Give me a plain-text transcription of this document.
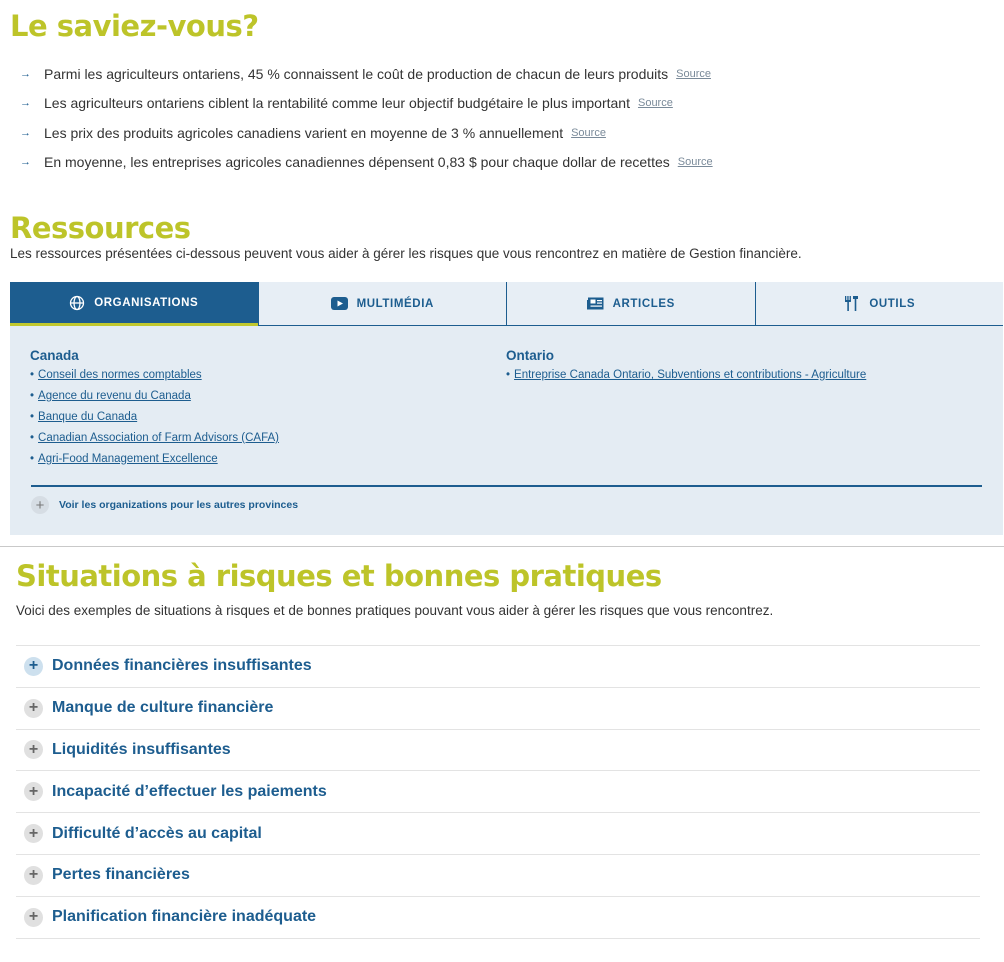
Le saviez-vous?
→ Parmi les agriculteurs ontariens, 45 % connaissent le coût de production de chacun de leurs produits Source
→ Les agriculteurs ontariens ciblent la rentabilité comme leur objectif budgétaire le plus important Source
→ Les prix des produits agricoles canadiens varient en moyenne de 3 % annuellement Source
→ En moyenne, les entreprises agricoles canadiennes dépensent 0,83 $ pour chaque dollar de recettes Source
Ressources

Les ressources présentées ci-dessous peuvent vous aider à gérer les risques que vous rencontrez en matière de Gestion financière.

ORGANISATIONS	MULTIMÉDIA	ARTICLES	OUTILS
Canada
• Conseil des normes comptables
• Agence du revenu du Canada
• Banque du Canada
• Canadian Association of Farm Advisors (CAFA)
• Agri-Food Management Excellence
Ontario
• Entreprise Canada Ontario, Subventions et contributions - Agriculture
+	Voir les organizations pour les autres provinces
Situations à risques et bonnes pratiques

Voici des exemples de situations à risques et de bonnes pratiques pouvant vous aider à gérer les risques que vous rencontrez.

+ Données financières insuffisantes
+ Manque de culture financière
+ Liquidités insuffisantes
+ Incapacité d’effectuer les paiements
+ Difficulté d’accès au capital
+ Pertes financières
+ Planification financière inadéquate
